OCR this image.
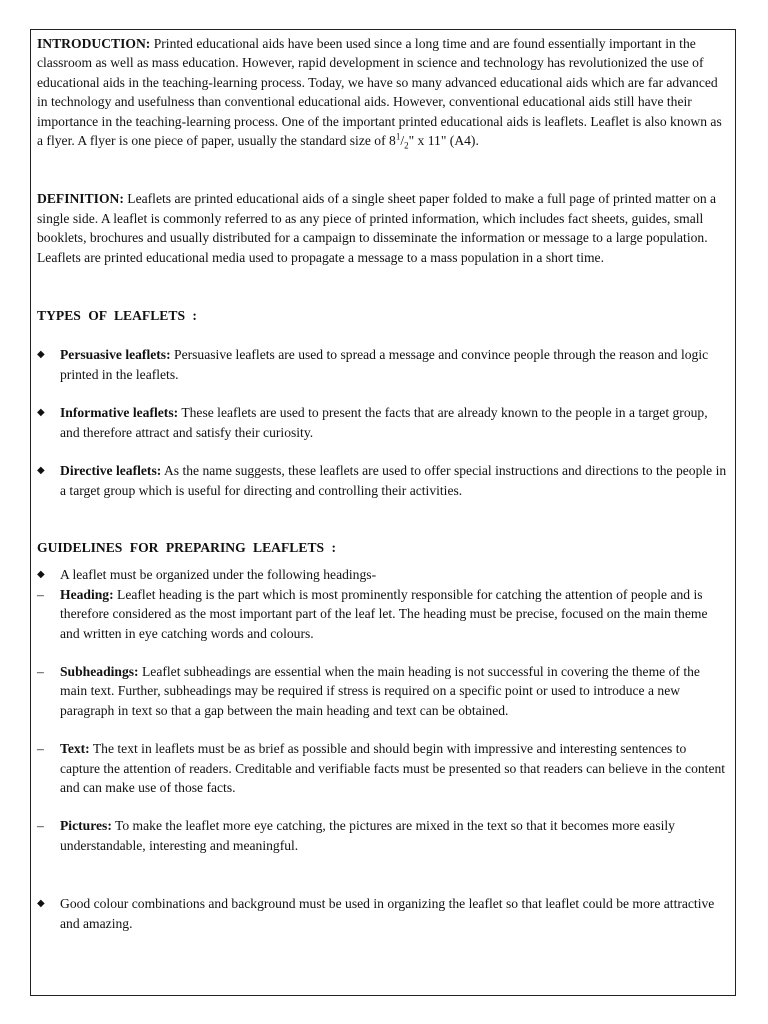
INTRODUCTION: Printed educational aids have been used since a long time and are found essentially important in the classroom as well as mass education. However, rapid development in science and technology has revolutionized the use of educational aids in the teaching-learning process. Today, we have so many advanced educational aids which are far advanced in technology and usefulness than conventional educational aids. However, conventional educational aids still have their importance in the teaching-learning process. One of the important printed educational aids is leaflets. Leaflet is also known as a flyer. A flyer is one piece of paper, usually the standard size of $8^1/_2$" x 11" (A4).

DEFINITION: Leaflets are printed educational aids of a single sheet paper folded to make a full page of printed matter on a single side. A leaflet is commonly referred to as any piece of printed information, which includes fact sheets, guides, small booklets, brochures and usually distributed for a campaign to disseminate the information or message to a large population. Leaflets are printed educational media used to propagate a message to a mass population in a short time.

TYPES OF LEAFLETS :

◆	Persuasive leaflets: Persuasive leaflets are used to spread a message and convince people through the reason and logic printed in the leaflets.
◆	Informative leaflets: These leaflets are used to present the facts that are already known to the people in a target group, and therefore attract and satisfy their curiosity.
◆	Directive leaflets: As the name suggests, these leaflets are used to offer special instructions and directions to the people in a target group which is useful for directing and controlling their activities.

GUIDELINES FOR PREPARING LEAFLETS :

◆	A leaflet must be organized under the following headings-
–	Heading: Leaflet heading is the part which is most prominently responsible for catching the attention of people and is therefore considered as the most important part of the leaf let. The heading must be precise, focused on the main theme and written in eye catching words and colours.
–	Subheadings: Leaflet subheadings are essential when the main heading is not successful in covering the theme of the main text. Further, subheadings may be required if stress is required on a specific point or used to introduce a new paragraph in text so that a gap between the main heading and text can be obtained.
–	Text: The text in leaflets must be as brief as possible and should begin with impressive and interesting sentences to capture the attention of readers. Creditable and verifiable facts must be presented so that readers can believe in the content and can make use of those facts.
–	Pictures: To make the leaflet more eye catching, the pictures are mixed in the text so that it becomes more easily understandable, interesting and meaningful.
◆	Good colour combinations and background must be used in organizing the leaflet so that leaflet could be more attractive and amazing.
